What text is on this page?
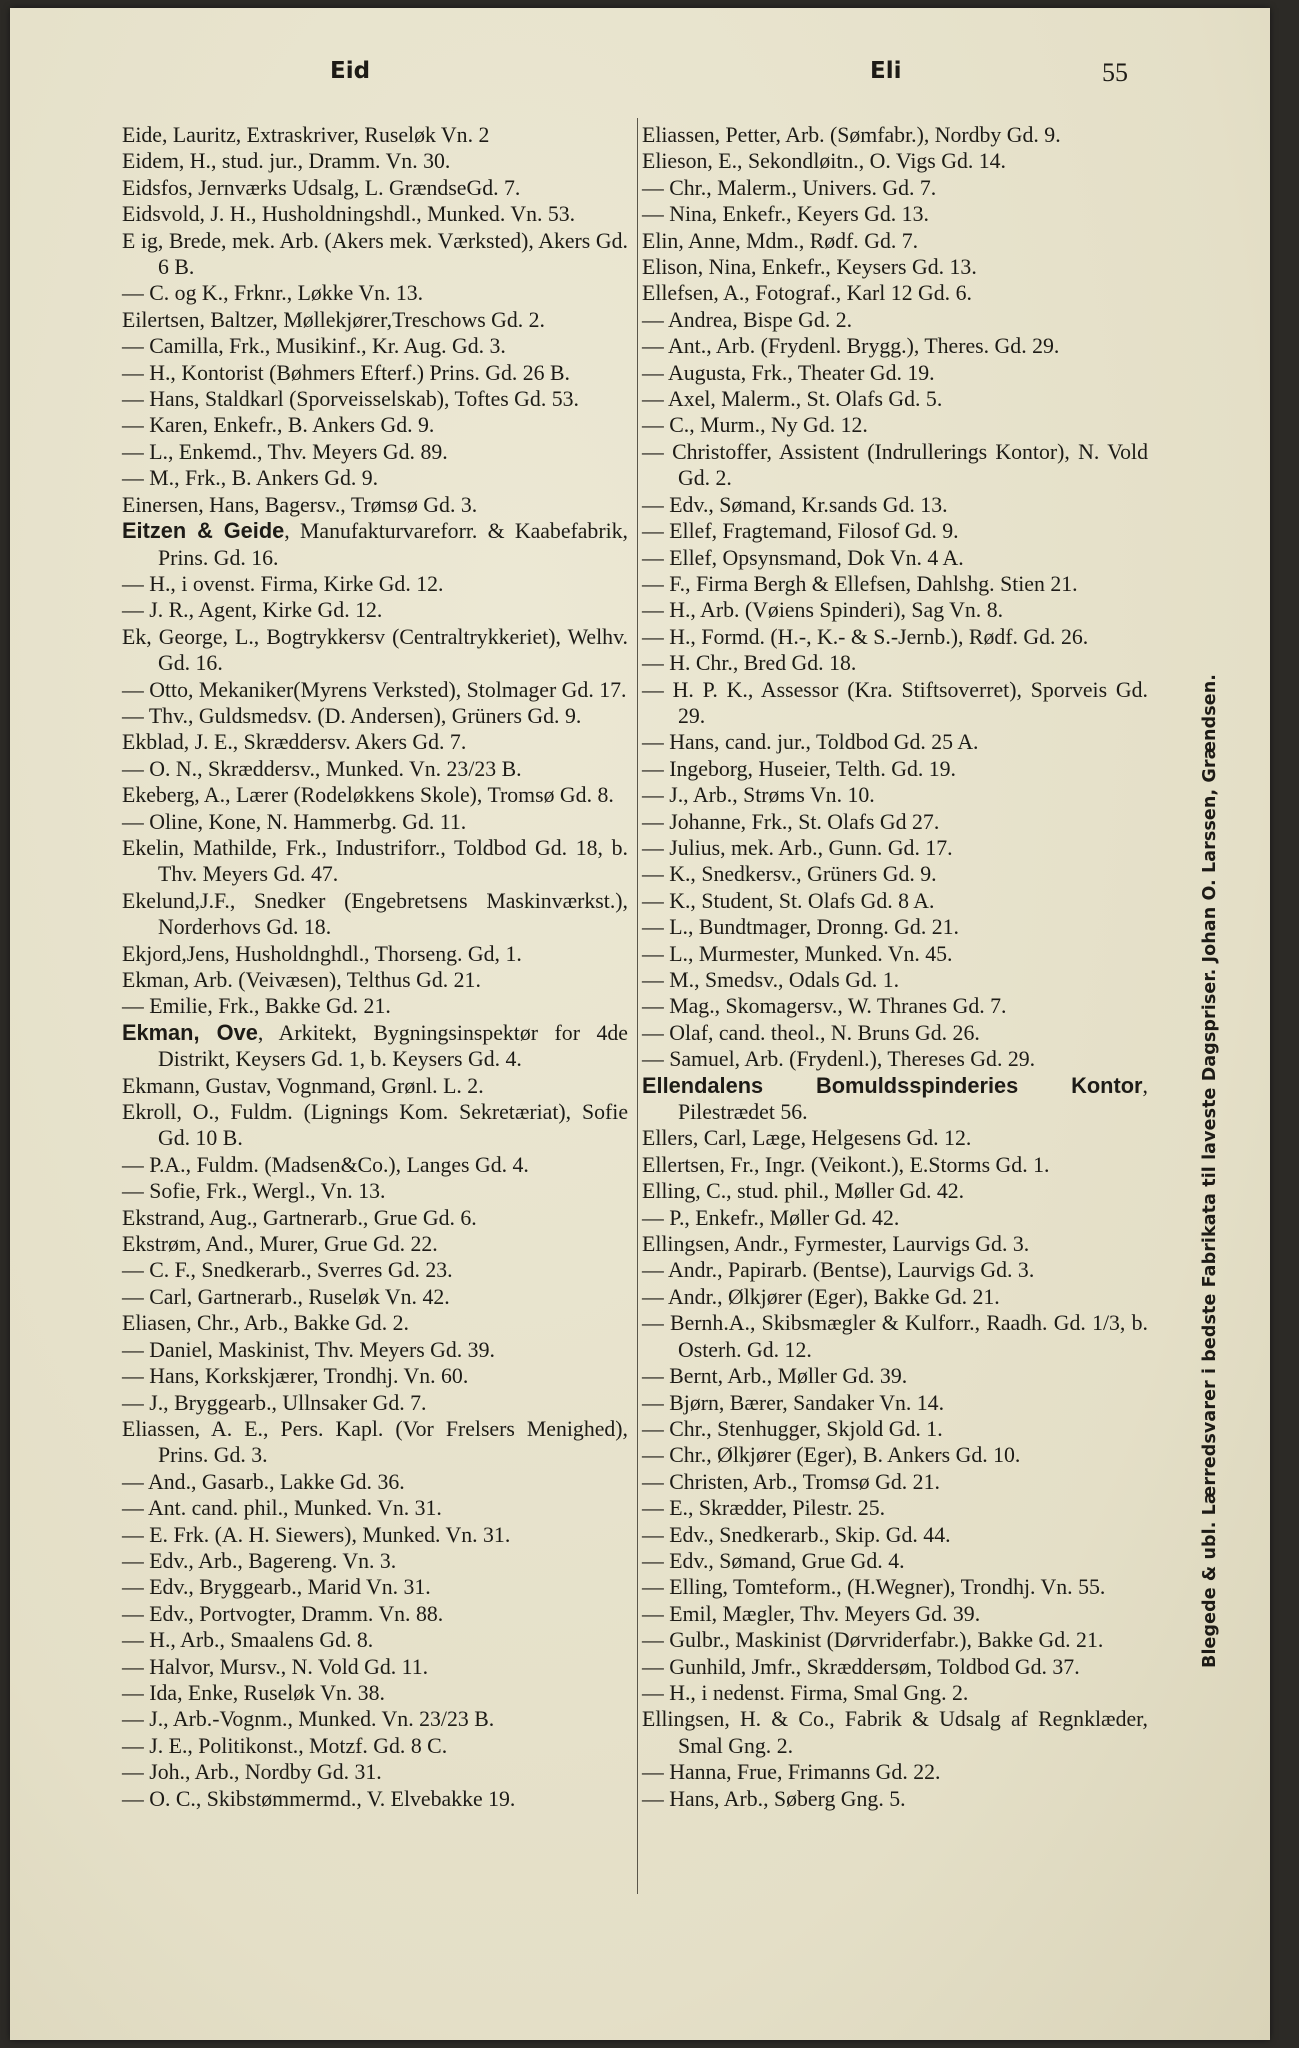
Eid	Eli	55

Eide, Lauritz, Extraskriver, Ruseløk Vn. 2

Eidem, H., stud. jur., Dramm. Vn. 30.

Eidsfos, Jernværks Udsalg, L. GrændseGd. 7.

Eidsvold, J. H., Husholdningshdl., Munked. Vn. 53.

E ig, Brede, mek. Arb. (Akers mek. Værksted), Akers Gd. 6 B.

— C. og K., Frknr., Løkke Vn. 13.

Eilertsen, Baltzer, Møllekjører,Treschows Gd. 2.

— Camilla, Frk., Musikinf., Kr. Aug. Gd. 3.

— H., Kontorist (Bøhmers Efterf.) Prins. Gd. 26 B.

— Hans, Staldkarl (Sporveisselskab), Toftes Gd. 53.

— Karen, Enkefr., B. Ankers Gd. 9.

— L., Enkemd., Thv. Meyers Gd. 89.

— M., Frk., B. Ankers Gd. 9.

Einersen, Hans, Bagersv., Trømsø Gd. 3.

Eitzen & Geide, Manufakturvareforr. & Kaabefabrik, Prins. Gd. 16.

— H., i ovenst. Firma, Kirke Gd. 12.

— J. R., Agent, Kirke Gd. 12.

Ek, George, L., Bogtrykkersv (Centraltrykkeriet), Welhv. Gd. 16.

— Otto, Mekaniker(Myrens Verksted), Stolmager Gd. 17.

— Thv., Guldsmedsv. (D. Andersen), Grüners Gd. 9.

Ekblad, J. E., Skræddersv. Akers Gd. 7.

— O. N., Skræddersv., Munked. Vn. 23/23 B.

Ekeberg, A., Lærer (Rodeløkkens Skole), Tromsø Gd. 8.

— Oline, Kone, N. Hammerbg. Gd. 11.

Ekelin, Mathilde, Frk., Industriforr., Toldbod Gd. 18, b. Thv. Meyers Gd. 47.

Ekelund,J.F., Snedker (Engebretsens Maskinværkst.), Norderhovs Gd. 18.

Ekjord,Jens, Husholdnghdl., Thorseng. Gd, 1.

Ekman, Arb. (Veivæsen), Telthus Gd. 21.

— Emilie, Frk., Bakke Gd. 21.

Ekman, Ove, Arkitekt, Bygningsinspektør for 4de Distrikt, Keysers Gd. 1, b. Keysers Gd. 4.

Ekmann, Gustav, Vognmand, Grønl. L. 2.

Ekroll, O., Fuldm. (Lignings Kom. Sekretæriat), Sofie Gd. 10 B.

— P.A., Fuldm. (Madsen&Co.), Langes Gd. 4.

— Sofie, Frk., Wergl., Vn. 13.

Ekstrand, Aug., Gartnerarb., Grue Gd. 6.

Ekstrøm, And., Murer, Grue Gd. 22.

— C. F., Snedkerarb., Sverres Gd. 23.

— Carl, Gartnerarb., Ruseløk Vn. 42.

Eliasen, Chr., Arb., Bakke Gd. 2.

— Daniel, Maskinist, Thv. Meyers Gd. 39.

— Hans, Korkskjærer, Trondhj. Vn. 60.

— J., Bryggearb., Ullnsaker Gd. 7.

Eliassen, A. E., Pers. Kapl. (Vor Frelsers Menighed), Prins. Gd. 3.

— And., Gasarb., Lakke Gd. 36.

— Ant. cand. phil., Munked. Vn. 31.

— E. Frk. (A. H. Siewers), Munked. Vn. 31.

— Edv., Arb., Bagereng. Vn. 3.

— Edv., Bryggearb., Marid Vn. 31.

— Edv., Portvogter, Dramm. Vn. 88.

— H., Arb., Smaalens Gd. 8.

— Halvor, Mursv., N. Vold Gd. 11.

— Ida, Enke, Ruseløk Vn. 38.

— J., Arb.-Vognm., Munked. Vn. 23/23 B.

— J. E., Politikonst., Motzf. Gd. 8 C.

— Joh., Arb., Nordby Gd. 31.

— O. C., Skibstømmermd., V. Elvebakke 19.

Eliassen, Petter, Arb. (Sømfabr.), Nordby Gd. 9.

Elieson, E., Sekondløitn., O. Vigs Gd. 14.

— Chr., Malerm., Univers. Gd. 7.

— Nina, Enkefr., Keyers Gd. 13.

Elin, Anne, Mdm., Rødf. Gd. 7.

Elison, Nina, Enkefr., Keysers Gd. 13.

Ellefsen, A., Fotograf., Karl 12 Gd. 6.

— Andrea, Bispe Gd. 2.

— Ant., Arb. (Frydenl. Brygg.), Theres. Gd. 29.

— Augusta, Frk., Theater Gd. 19.

— Axel, Malerm., St. Olafs Gd. 5.

— C., Murm., Ny Gd. 12.

— Christoffer, Assistent (Indrullerings Kontor), N. Vold Gd. 2.

— Edv., Sømand, Kr.sands Gd. 13.

— Ellef, Fragtemand, Filosof Gd. 9.

— Ellef, Opsynsmand, Dok Vn. 4 A.

— F., Firma Bergh & Ellefsen, Dahlshg. Stien 21.

— H., Arb. (Vøiens Spinderi), Sag Vn. 8.

— H., Formd. (H.-, K.- & S.-Jernb.), Rødf. Gd. 26.

— H. Chr., Bred Gd. 18.

— H. P. K., Assessor (Kra. Stiftsoverret), Sporveis Gd. 29.

— Hans, cand. jur., Toldbod Gd. 25 A.

— Ingeborg, Huseier, Telth. Gd. 19.

— J., Arb., Strøms Vn. 10.

— Johanne, Frk., St. Olafs Gd 27.

— Julius, mek. Arb., Gunn. Gd. 17.

— K., Snedkersv., Grüners Gd. 9.

— K., Student, St. Olafs Gd. 8 A.

— L., Bundtmager, Dronng. Gd. 21.

— L., Murmester, Munked. Vn. 45.

— M., Smedsv., Odals Gd. 1.

— Mag., Skomagersv., W. Thranes Gd. 7.

— Olaf, cand. theol., N. Bruns Gd. 26.

— Samuel, Arb. (Frydenl.), Thereses Gd. 29.

Ellendalens Bomuldsspinderies Kontor, Pilestrædet 56.

Ellers, Carl, Læge, Helgesens Gd. 12.

Ellertsen, Fr., Ingr. (Veikont.), E.Storms Gd. 1.

Elling, C., stud. phil., Møller Gd. 42.

— P., Enkefr., Møller Gd. 42.

Ellingsen, Andr., Fyrmester, Laurvigs Gd. 3.

— Andr., Papirarb. (Bentse), Laurvigs Gd. 3.

— Andr., Ølkjører (Eger), Bakke Gd. 21.

— Bernh.A., Skibsmægler & Kulforr., Raadh. Gd. 1/3, b. Osterh. Gd. 12.

— Bernt, Arb., Møller Gd. 39.

— Bjørn, Bærer, Sandaker Vn. 14.

— Chr., Stenhugger, Skjold Gd. 1.

— Chr., Ølkjører (Eger), B. Ankers Gd. 10.

— Christen, Arb., Tromsø Gd. 21.

— E., Skrædder, Pilestr. 25.

— Edv., Snedkerarb., Skip. Gd. 44.

— Edv., Sømand, Grue Gd. 4.

— Elling, Tomteform., (H.Wegner), Trondhj. Vn. 55.

— Emil, Mægler, Thv. Meyers Gd. 39.

— Gulbr., Maskinist (Dørvriderfabr.), Bakke Gd. 21.

— Gunhild, Jmfr., Skræddersøm, Toldbod Gd. 37.

— H., i nedenst. Firma, Smal Gng. 2.

Ellingsen, H. & Co., Fabrik & Udsalg af Regnklæder, Smal Gng. 2.

— Hanna, Frue, Frimanns Gd. 22.

— Hans, Arb., Søberg Gng. 5.

Blegede & ubl. Lærredsvarer i bedste Fabrikata til laveste Dagspriser. Johan O. Larssen, Grændsen.
